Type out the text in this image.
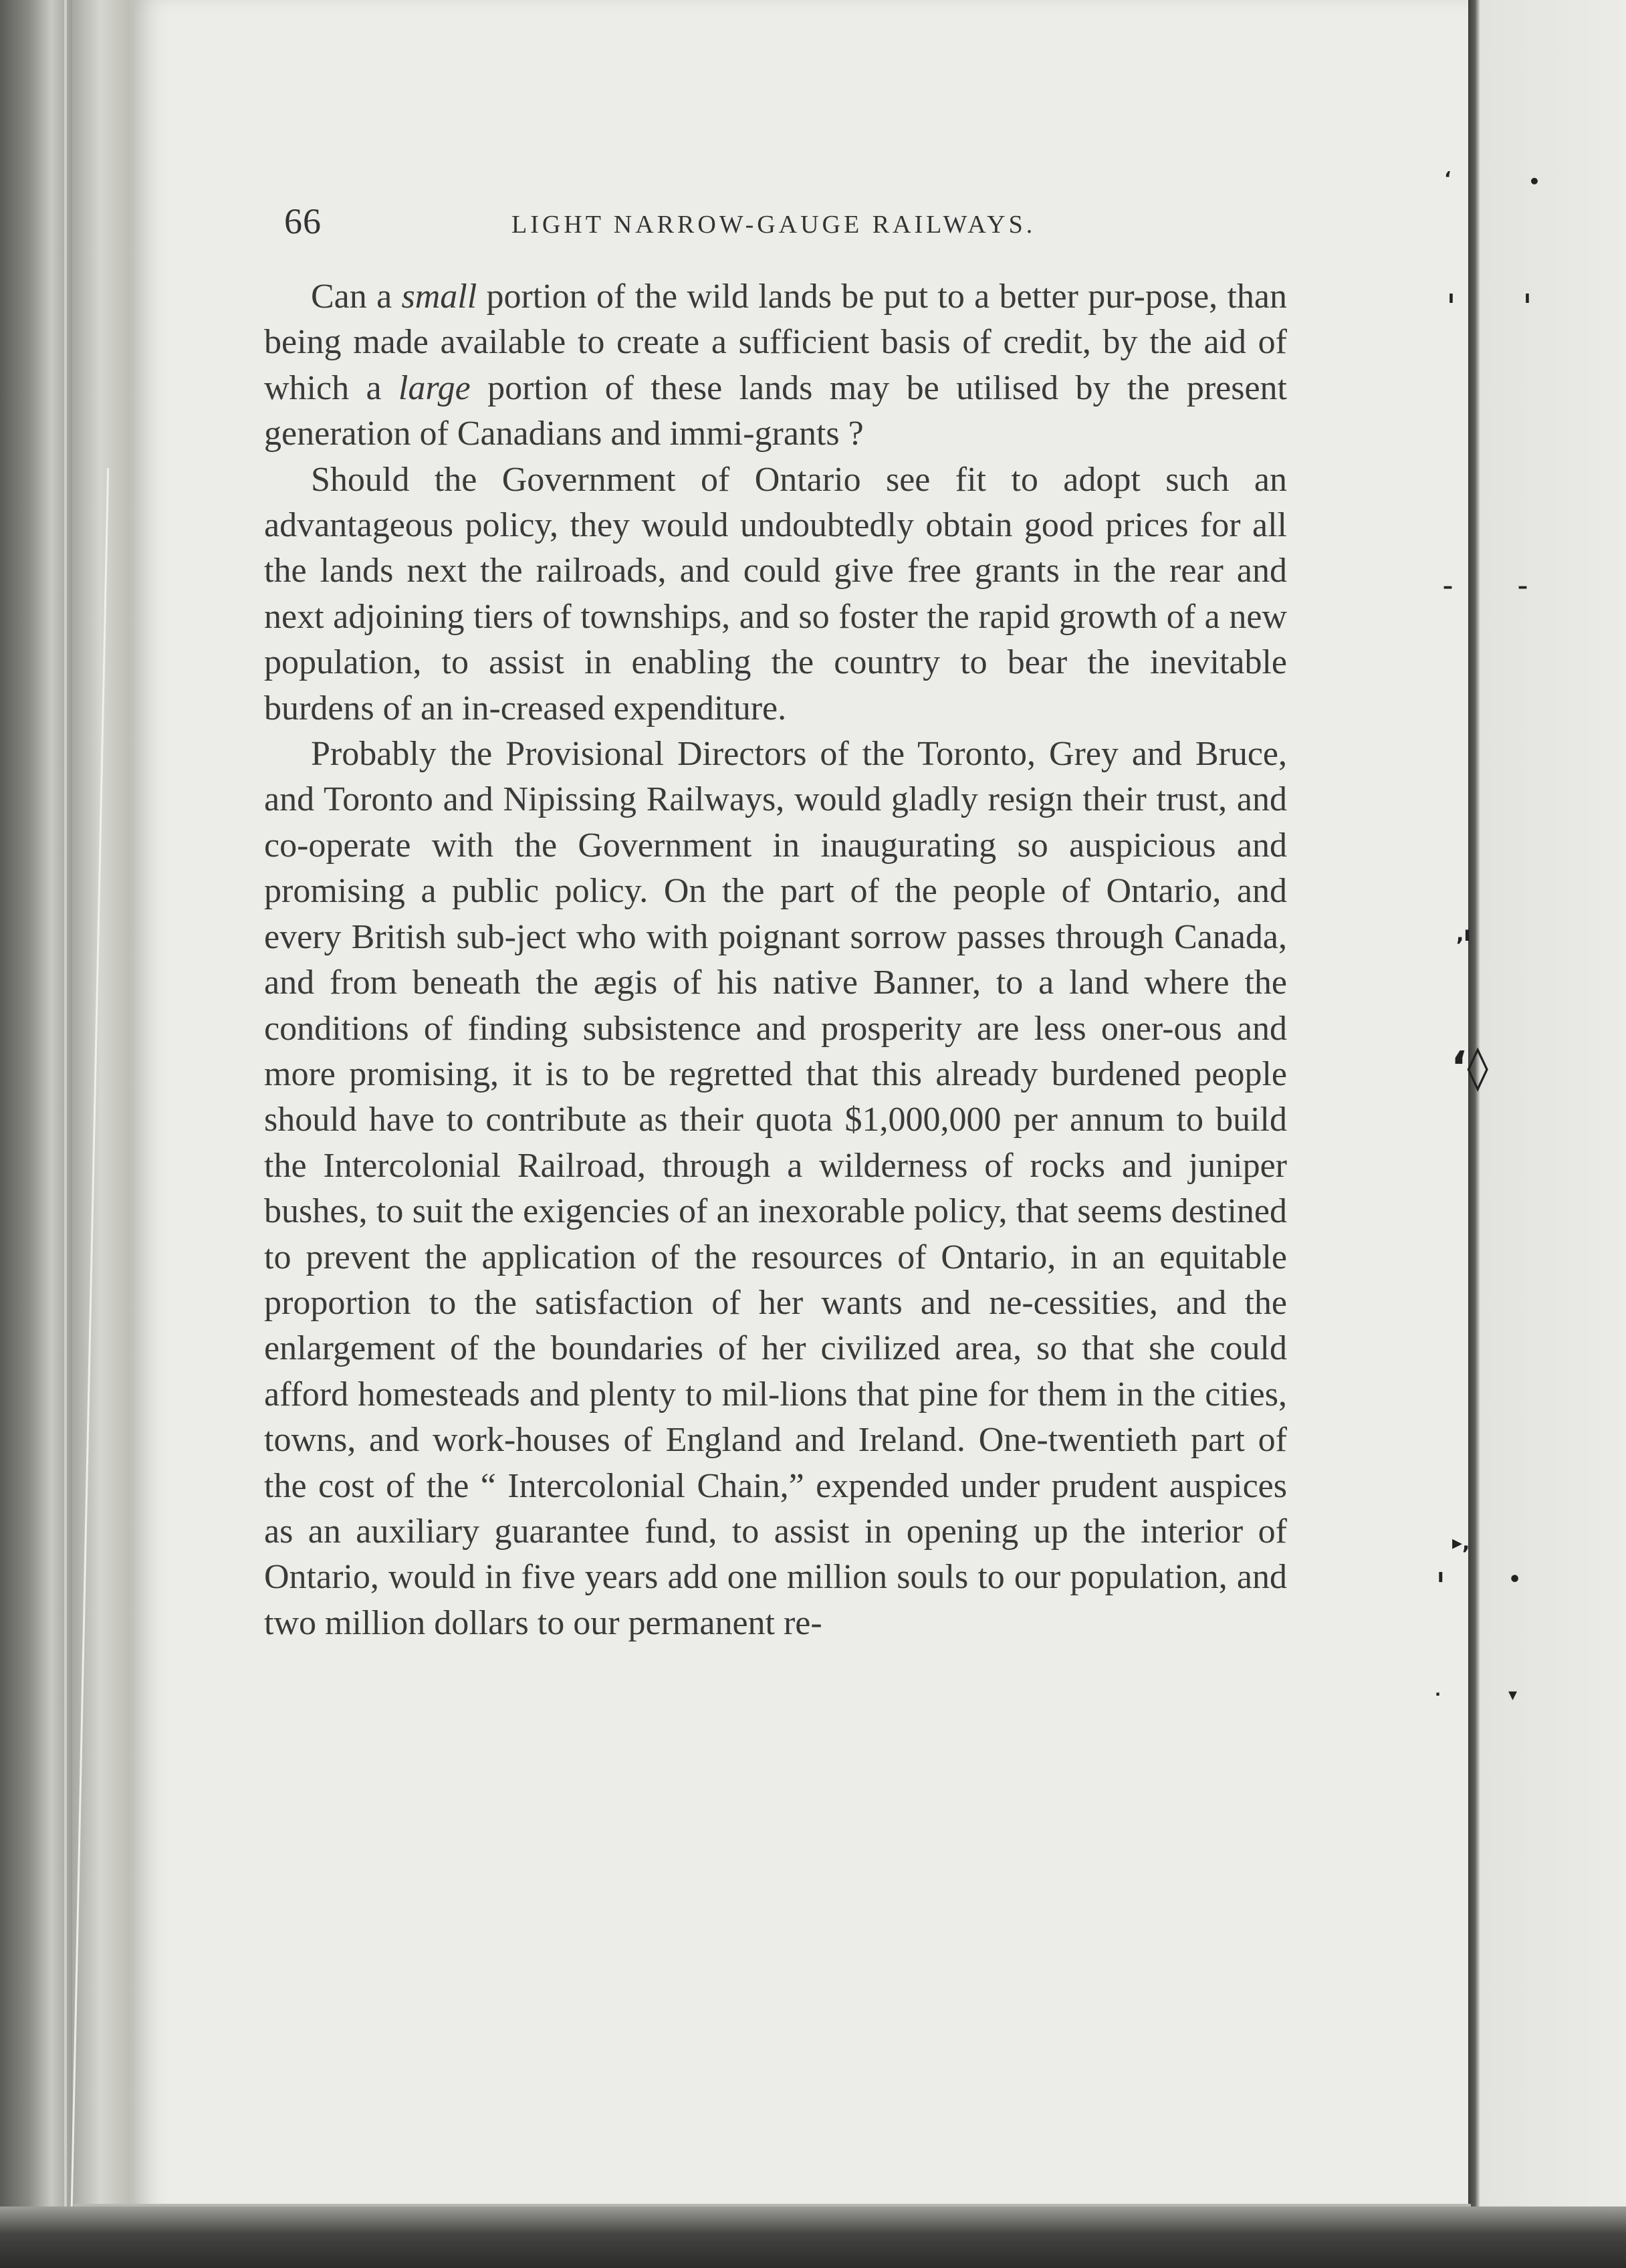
66	LIGHT NARROW-GAUGE RAILWAYS.

Can a small portion of the wild lands be put to a better pur-pose, than being made available to create a sufficient basis of credit, by the aid of which a large portion of these lands may be utilised by the present generation of Canadians and immi-grants ?

Should the Government of Ontario see fit to adopt such an advantageous policy, they would undoubtedly obtain good prices for all the lands next the railroads, and could give free grants in the rear and next adjoining tiers of townships, and so foster the rapid growth of a new population, to assist in enabling the country to bear the inevitable burdens of an in-creased expenditure.

Probably the Provisional Directors of the Toronto, Grey and Bruce, and Toronto and Nipissing Railways, would gladly resign their trust, and co-operate with the Government in inaugurating so auspicious and promising a public policy. On the part of the people of Ontario, and every British sub-ject who with poignant sorrow passes through Canada, and from beneath the ægis of his native Banner, to a land where the conditions of finding subsistence and prosperity are less oner-ous and more promising, it is to be regretted that this already burdened people should have to contribute as their quota $1,000,000 per annum to build the Intercolonial Railroad, through a wilderness of rocks and juniper bushes, to suit the exigencies of an inexorable policy, that seems destined to prevent the application of the resources of Ontario, in an equitable proportion to the satisfaction of her wants and ne-cessities, and the enlargement of the boundaries of her civilized area, so that she could afford homesteads and plenty to mil-lions that pine for them in the cities, towns, and work-houses of England and Ireland. One-twentieth part of the cost of the “ Intercolonial Chain,” expended under prudent auspices as an auxiliary guarantee fund, to assist in opening up the interior of Ontario, would in five years add one million souls to our population, and two million dollars to our permanent re-

‘	•
ı	ı
–	–
,ı
ʻ◊
▸,
ı	•
·	▾
